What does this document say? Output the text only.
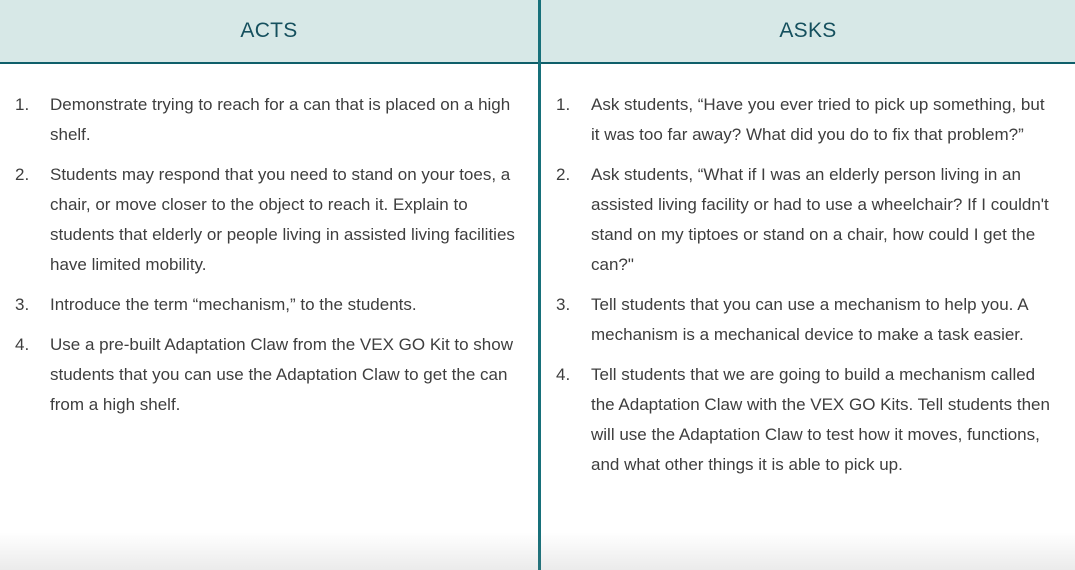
ACTS
Demonstrate trying to reach for a can that is placed on a high shelf.
Students may respond that you need to stand on your toes, a chair, or move closer to the object to reach it. Explain to students that elderly or people living in assisted living facilities have limited mobility.
Introduce the term “mechanism,” to the students.
Use a pre-built Adaptation Claw from the VEX GO Kit to show students that you can use the Adaptation Claw to get the can from a high shelf.
ASKS
Ask students, “Have you ever tried to pick up something, but it was too far away? What did you do to fix that problem?”
Ask students, “What if I was an elderly person living in an assisted living facility or had to use a wheelchair? If I couldn't stand on my tiptoes or stand on a chair, how could I get the can?"
Tell students that you can use a mechanism to help you. A mechanism is a mechanical device to make a task easier.
Tell students that we are going to build a mechanism called the Adaptation Claw with the VEX GO Kits. Tell students then will use the Adaptation Claw to test how it moves, functions, and what other things it is able to pick up.
